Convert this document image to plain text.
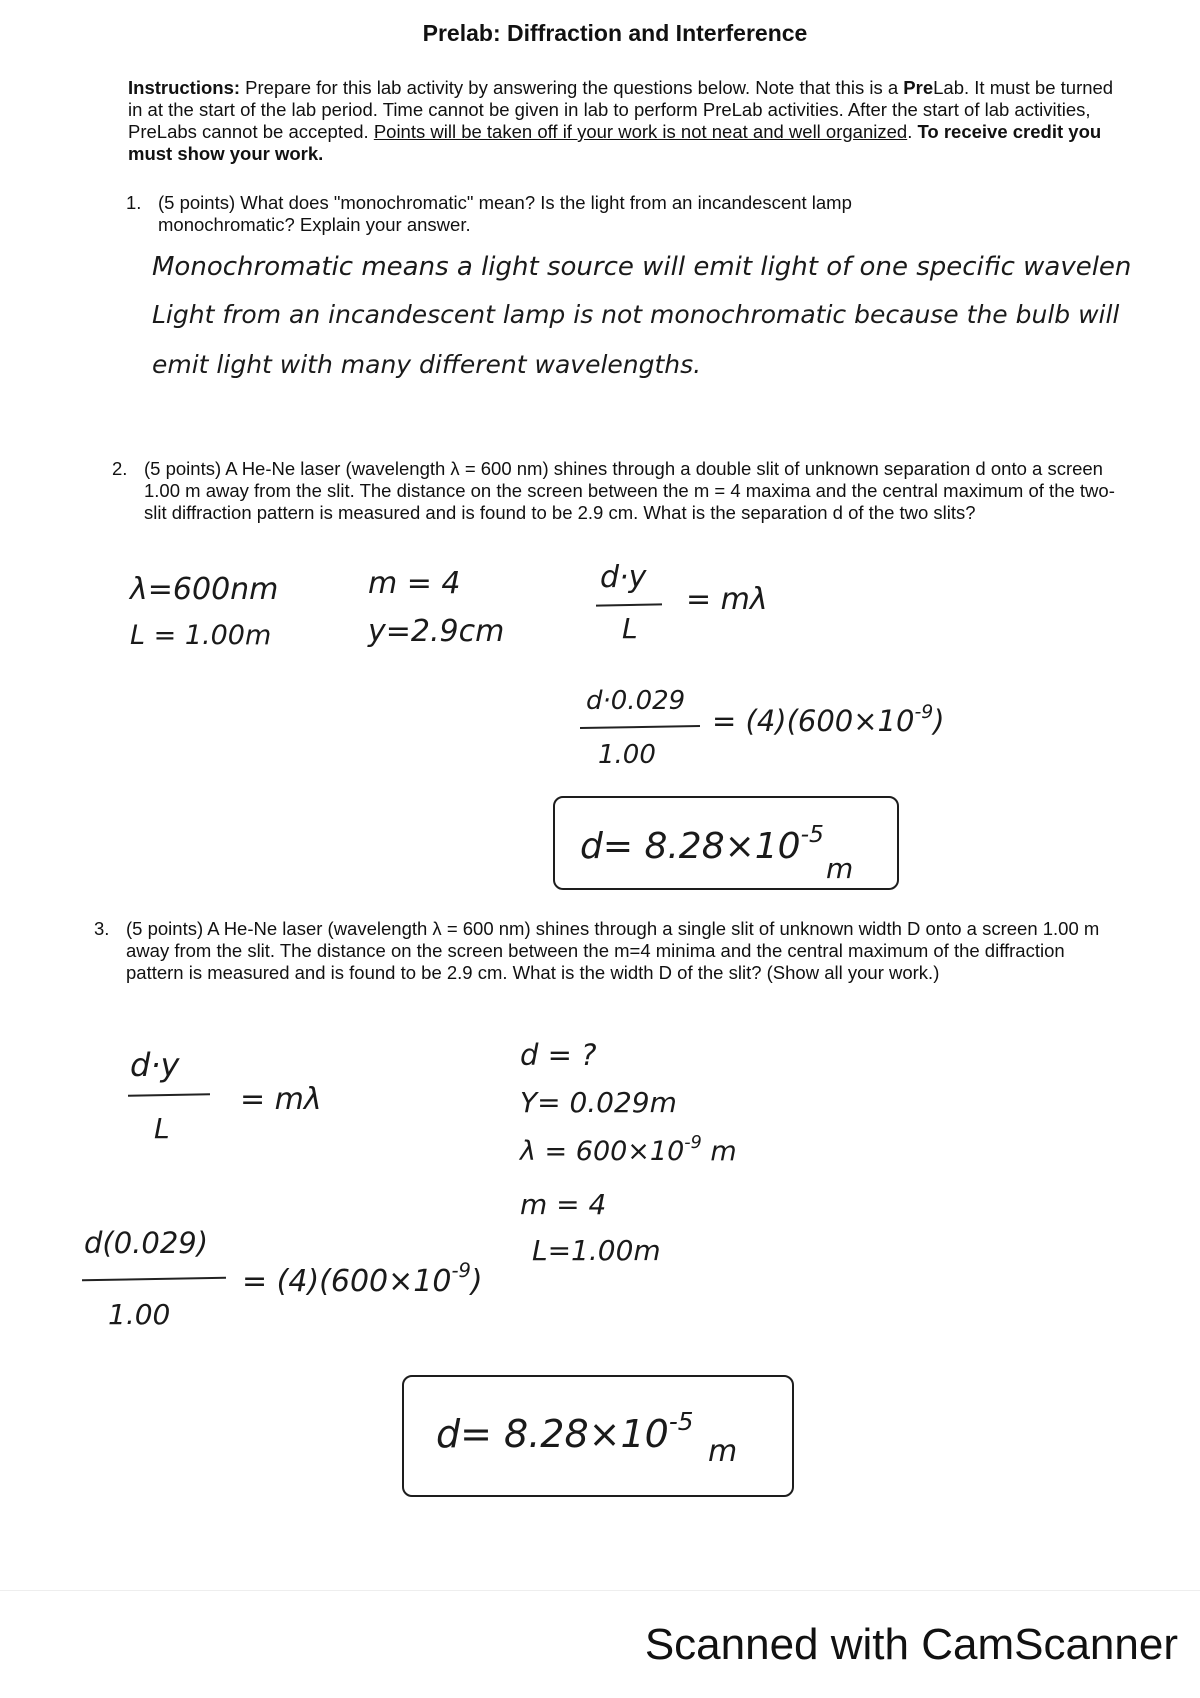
Prelab: Diffraction and Interference
Instructions: Prepare for this lab activity by answering the questions below. Note that this is a PreLab. It must be turned in at the start of the lab period. Time cannot be given in lab to perform PreLab activities. After the start of lab activities, PreLabs cannot be accepted. Points will be taken off if your work is not neat and well organized. To receive credit you must show your work.
1. (5 points) What does "monochromatic" mean? Is the light from an incandescent lamp monochromatic? Explain your answer.
Monochromatic means a light source will emit light of one specific wavelen
Light from an incandescent lamp is not monochromatic because the bulb will
emit light with many different wavelengths.
2. (5 points) A He-Ne laser (wavelength λ = 600 nm) shines through a double slit of unknown separation d onto a screen 1.00 m away from the slit. The distance on the screen between the m = 4 maxima and the central maximum of the two-slit diffraction pattern is measured and is found to be 2.9 cm. What is the separation d of the two slits?
λ=600nm
L = 1.00m
m = 4
y=2.9cm
d·y
L
= mλ
d·0.029
1.00
= $(4)(600\times 10^{-9})$
$d= 8.28\times 10^{-5}$
m
3. (5 points) A He-Ne laser (wavelength λ = 600 nm) shines through a single slit of unknown width D onto a screen 1.00 m away from the slit. The distance on the screen between the m=4 minima and the central maximum of the diffraction pattern is measured and is found to be 2.9 cm. What is the width D of the slit? (Show all your work.)
d·y
L
= mλ
d = ?
Y= 0.029m
$\lambda = 600\times 10^{-9}$ m
m = 4
L=1.00m
d(0.029)
1.00
= $(4)(600\times 10^{-9})$
$d= 8.28\times 10^{-5}$
m
Scanned with CamScanner
